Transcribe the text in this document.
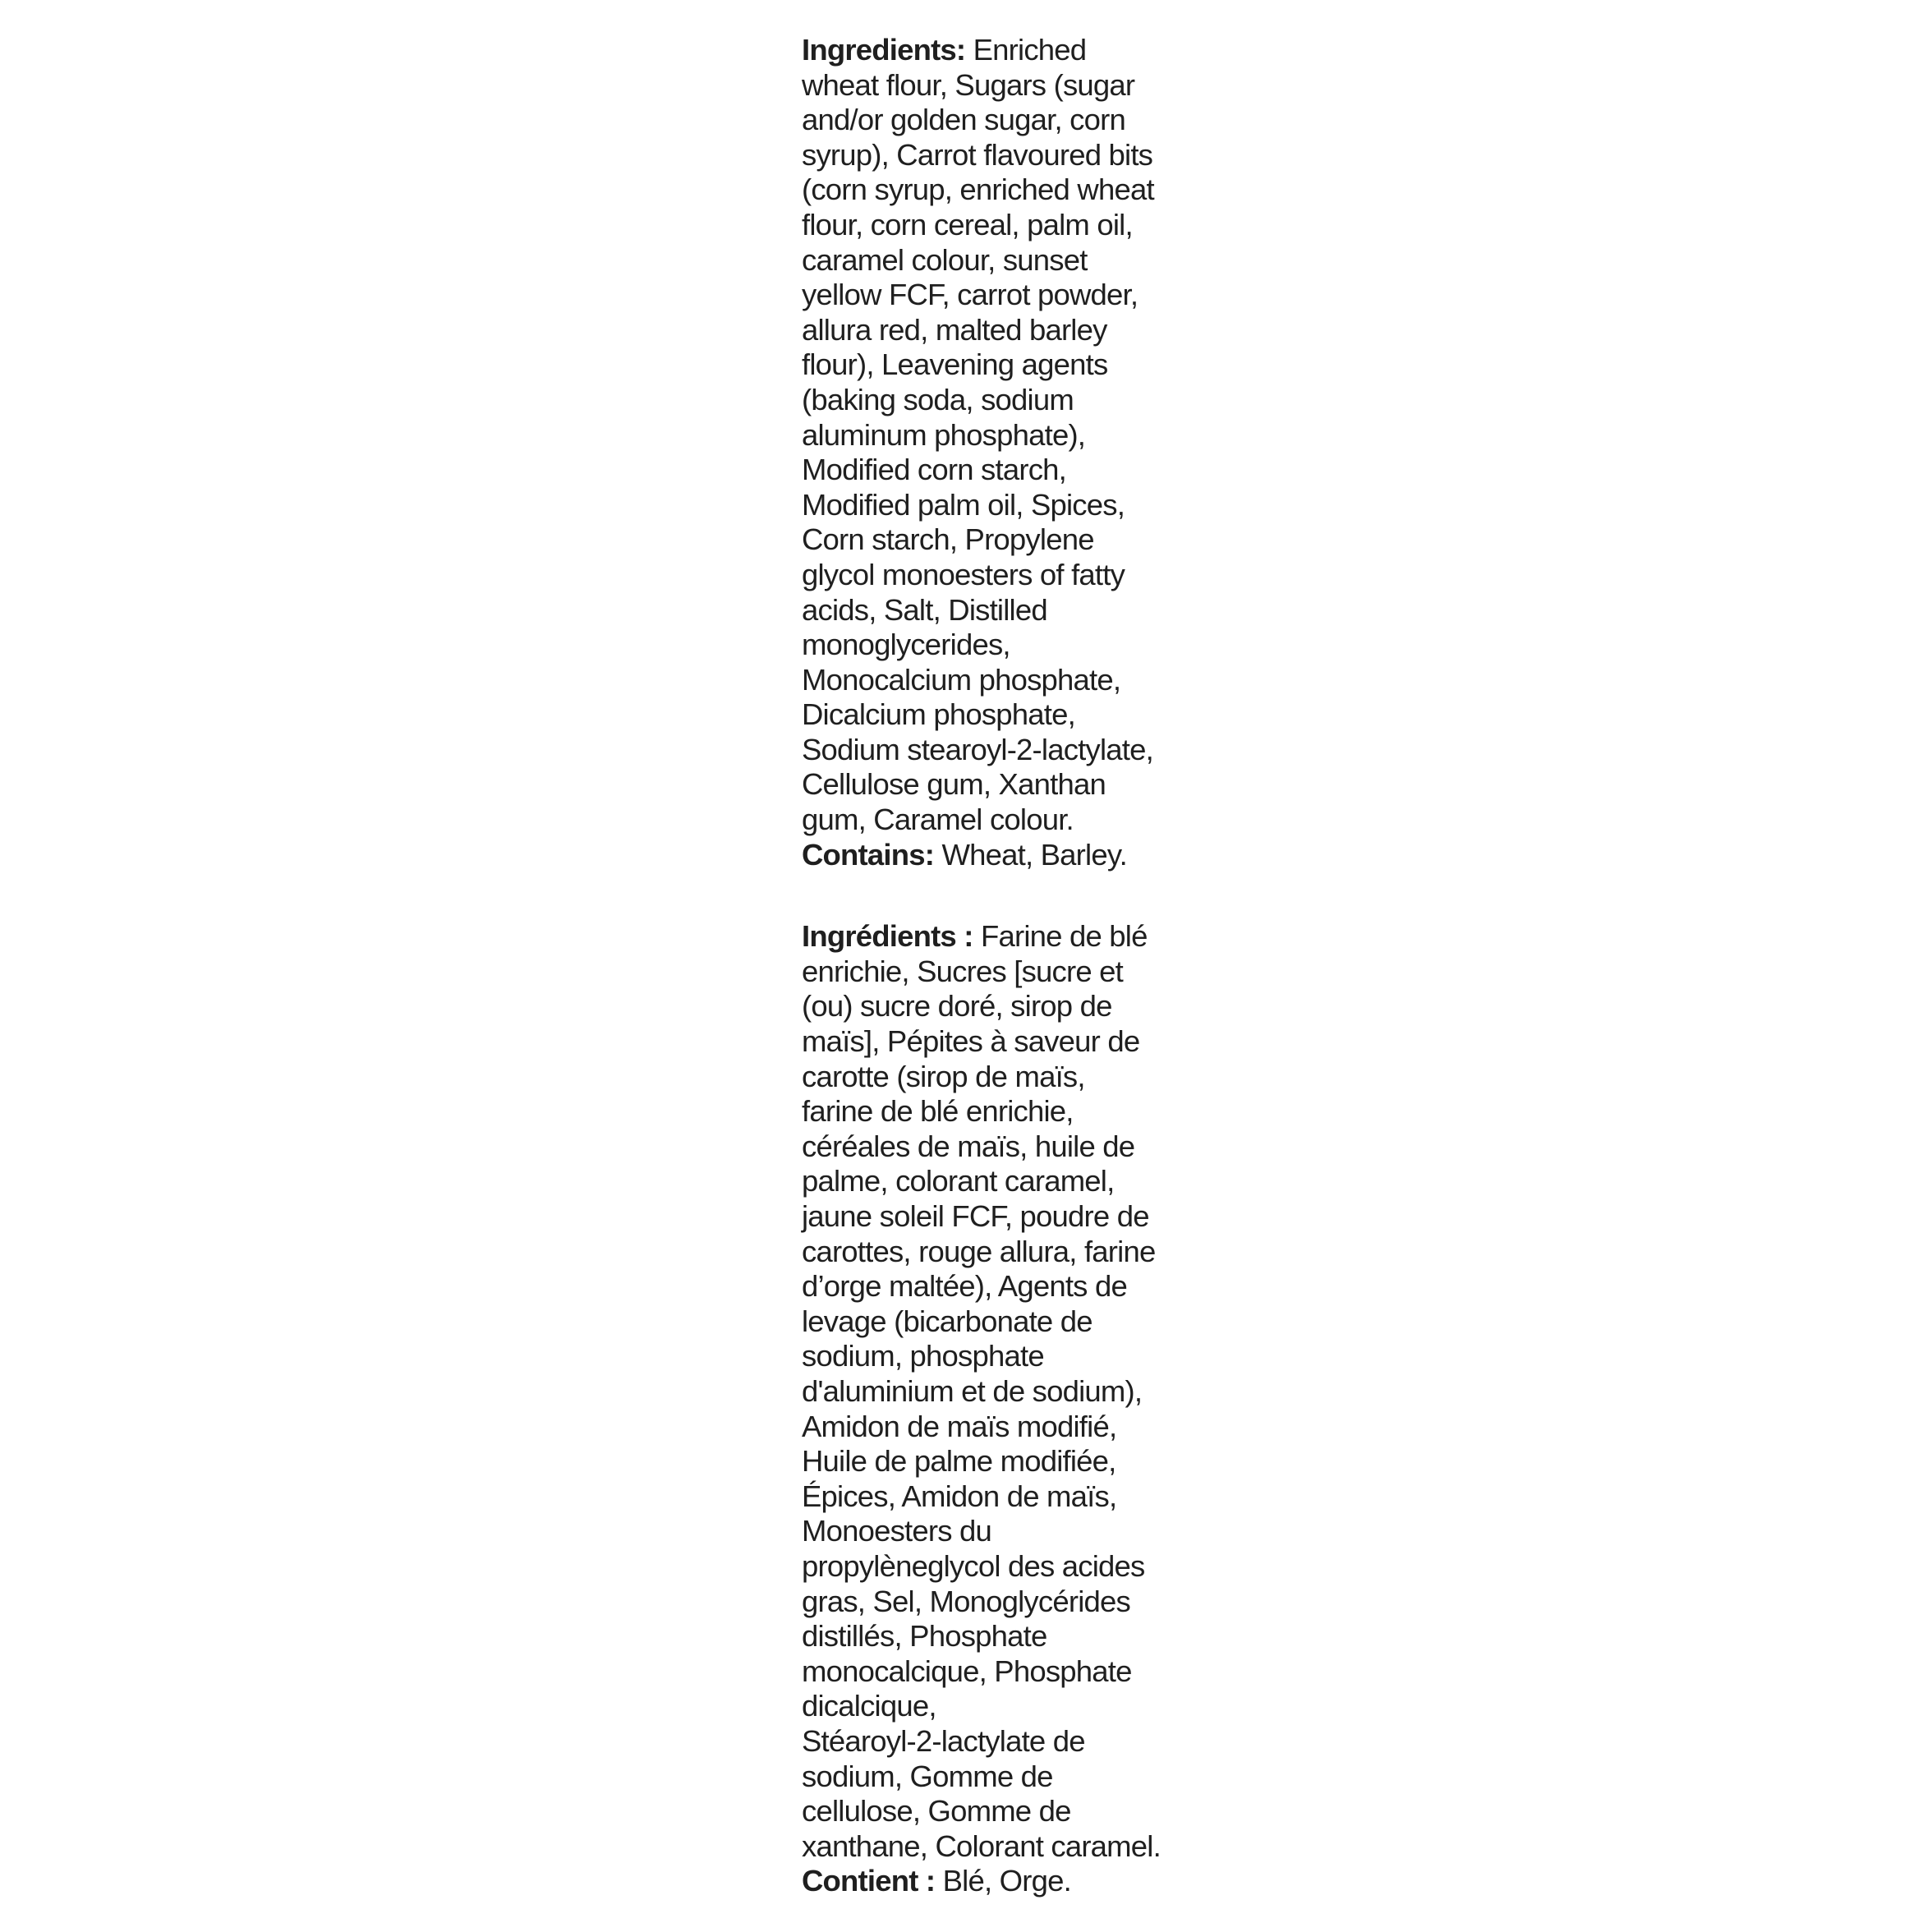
Ingredients: Enriched
wheat flour, Sugars (sugar
and/or golden sugar, corn
syrup), Carrot flavoured bits
(corn syrup, enriched wheat
flour, corn cereal, palm oil,
caramel colour, sunset
yellow FCF, carrot powder,
allura red, malted barley
flour), Leavening agents
(baking soda, sodium
aluminum phosphate),
Modified corn starch,
Modified palm oil, Spices,
Corn starch, Propylene
glycol monoesters of fatty
acids, Salt, Distilled
monoglycerides,
Monocalcium phosphate,
Dicalcium phosphate,
Sodium stearoyl-2-lactylate,
Cellulose gum, Xanthan
gum, Caramel colour.
Contains: Wheat, Barley.
Ingrédients : Farine de blé
enrichie, Sucres [sucre et
(ou) sucre doré, sirop de
maïs], Pépites à saveur de
carotte (sirop de maïs,
farine de blé enrichie,
céréales de maïs, huile de
palme, colorant caramel,
jaune soleil FCF, poudre de
carottes, rouge allura, farine
d’orge maltée), Agents de
levage (bicarbonate de
sodium, phosphate
d'aluminium et de sodium),
Amidon de maïs modifié,
Huile de palme modifiée,
Épices, Amidon de maïs,
Monoesters du
propylèneglycol des acides
gras, Sel, Monoglycérides
distillés, Phosphate
monocalcique, Phosphate
dicalcique,
Stéaroyl-2-lactylate de
sodium, Gomme de
cellulose, Gomme de
xanthane, Colorant caramel.
Contient : Blé, Orge.
